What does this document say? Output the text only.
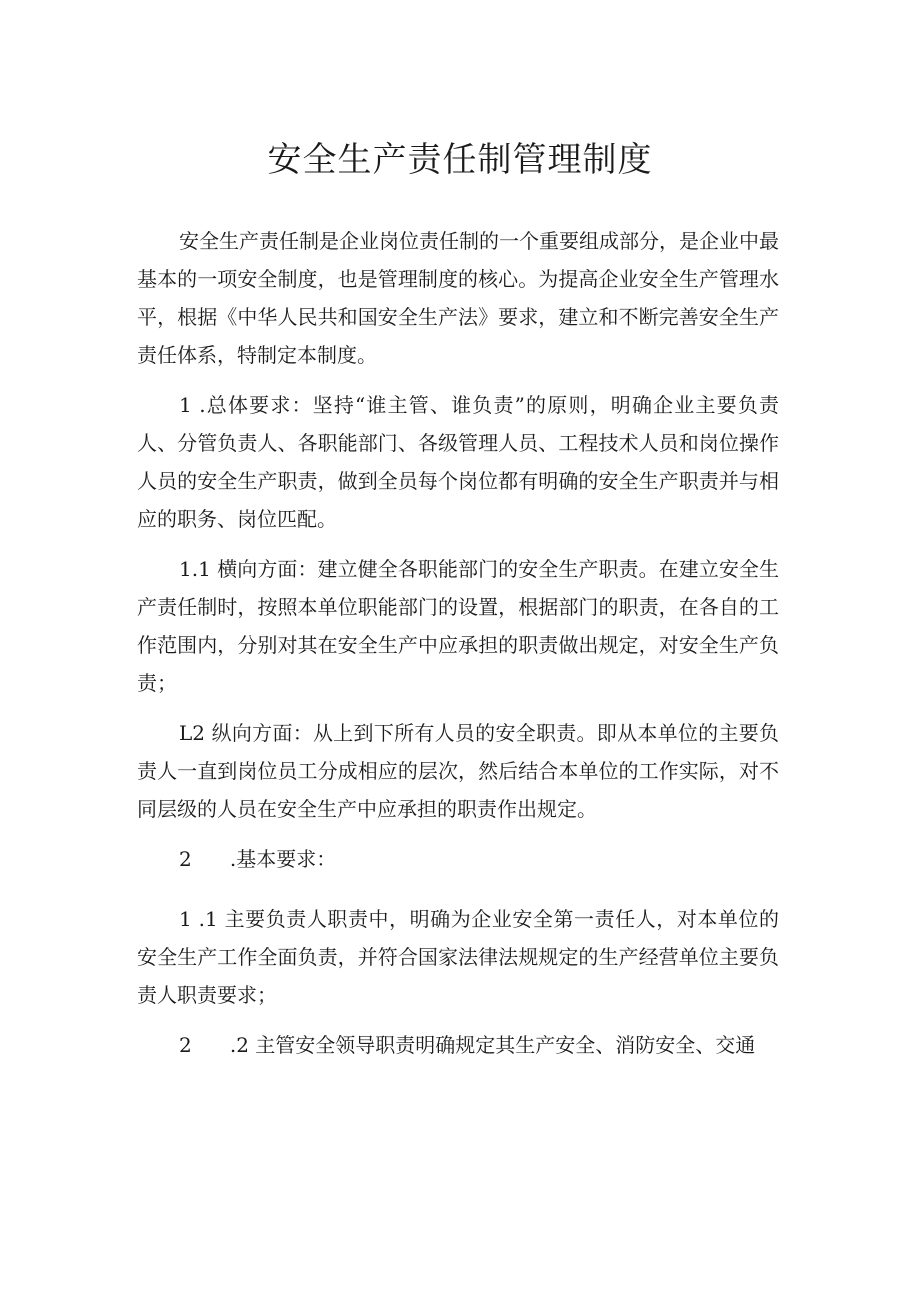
安全生产责任制管理制度

安全生产责任制是企业岗位责任制的一个重要组成部分，是企业中最基本的一项安全制度，也是管理制度的核心。为提高企业安全生产管理水平，根据《中华人民共和国安全生产法》要求，建立和不断完善安全生产责任体系，特制定本制度。

1 .总体要求：坚持“谁主管、谁负责”的原则，明确企业主要负责人、分管负责人、各职能部门、各级管理人员、工程技术人员和岗位操作人员的安全生产职责，做到全员每个岗位都有明确的安全生产职责并与相应的职务、岗位匹配。

1.1 横向方面：建立健全各职能部门的安全生产职责。在建立安全生产责任制时，按照本单位职能部门的设置，根据部门的职责，在各自的工作范围内，分别对其在安全生产中应承担的职责做出规定，对安全生产负责；

L2 纵向方面：从上到下所有人员的安全职责。即从本单位的主要负责人一直到岗位员工分成相应的层次，然后结合本单位的工作实际，对不同层级的人员在安全生产中应承担的职责作出规定。

2      .基本要求：

1 .1 主要负责人职责中，明确为企业安全第一责任人，对本单位的安全生产工作全面负责，并符合国家法律法规规定的生产经营单位主要负责人职责要求；

2      .2 主管安全领导职责明确规定其生产安全、消防安全、交通
